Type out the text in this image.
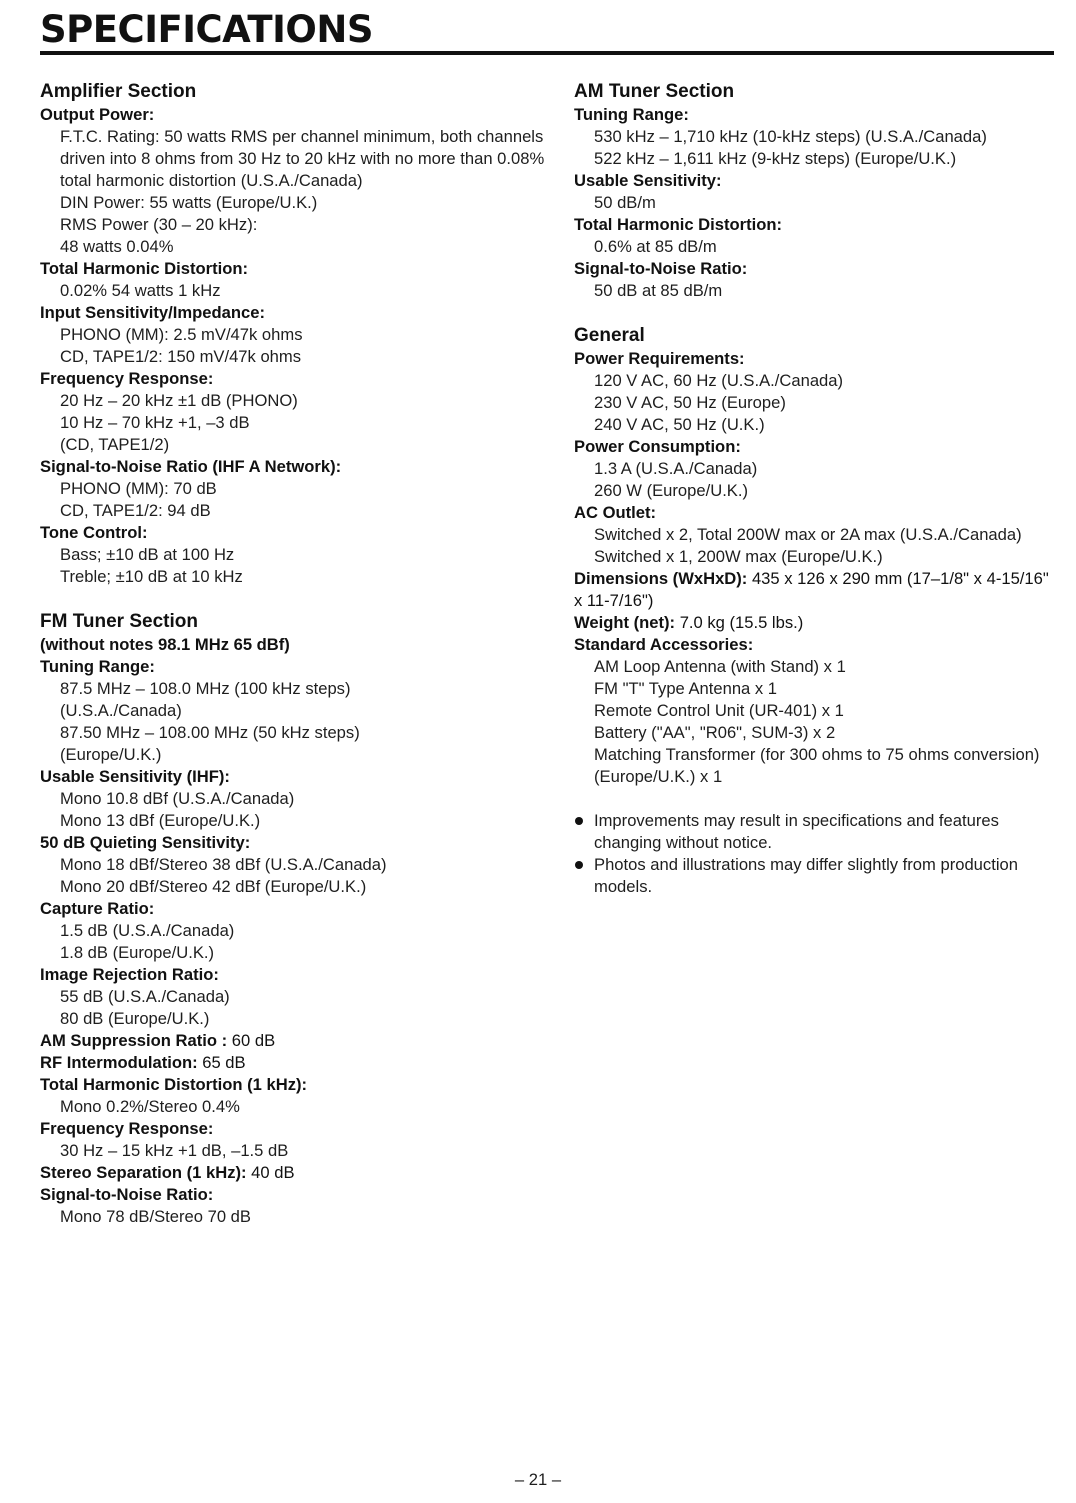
SPECIFICATIONS
Amplifier Section
Output Power:
F.T.C. Rating: 50 watts RMS per channel minimum, both channels driven into 8 ohms from 30 Hz to 20 kHz with no more than 0.08% total harmonic distortion (U.S.A./Canada)
DIN Power: 55 watts (Europe/U.K.)
RMS Power (30 – 20 kHz):
48 watts 0.04%
Total Harmonic Distortion:
0.02% 54 watts 1 kHz
Input Sensitivity/Impedance:
PHONO (MM): 2.5 mV/47k ohms
CD, TAPE1/2: 150 mV/47k ohms
Frequency Response:
20 Hz – 20 kHz ±1 dB (PHONO)
10 Hz – 70 kHz +1, –3 dB
(CD, TAPE1/2)
Signal-to-Noise Ratio (IHF A Network):
PHONO (MM): 70 dB
CD, TAPE1/2: 94 dB
Tone Control:
Bass; ±10 dB at 100 Hz
Treble; ±10 dB at 10 kHz
FM Tuner Section
(without notes 98.1 MHz 65 dBf)
Tuning Range:
87.5 MHz – 108.0 MHz (100 kHz steps)
(U.S.A./Canada)
87.50 MHz – 108.00 MHz (50 kHz steps)
(Europe/U.K.)
Usable Sensitivity (IHF):
Mono 10.8 dBf (U.S.A./Canada)
Mono 13 dBf (Europe/U.K.)
50 dB Quieting Sensitivity:
Mono 18 dBf/Stereo 38 dBf (U.S.A./Canada)
Mono 20 dBf/Stereo 42 dBf (Europe/U.K.)
Capture Ratio:
1.5 dB (U.S.A./Canada)
1.8 dB (Europe/U.K.)
Image Rejection Ratio:
55 dB (U.S.A./Canada)
80 dB (Europe/U.K.)
AM Suppression Ratio : 60 dB
RF Intermodulation: 65 dB
Total Harmonic Distortion (1 kHz):
Mono 0.2%/Stereo 0.4%
Frequency Response:
30 Hz – 15 kHz +1 dB, –1.5 dB
Stereo Separation (1 kHz): 40 dB
Signal-to-Noise Ratio:
Mono 78 dB/Stereo 70 dB
AM Tuner Section
Tuning Range:
530 kHz – 1,710 kHz (10-kHz steps) (U.S.A./Canada)
522 kHz – 1,611 kHz (9-kHz steps) (Europe/U.K.)
Usable Sensitivity:
50 dB/m
Total Harmonic Distortion:
0.6% at 85 dB/m
Signal-to-Noise Ratio:
50 dB at 85 dB/m
General
Power Requirements:
120 V AC, 60 Hz (U.S.A./Canada)
230 V AC, 50 Hz (Europe)
240 V AC, 50 Hz (U.K.)
Power Consumption:
1.3 A (U.S.A./Canada)
260 W (Europe/U.K.)
AC Outlet:
Switched x 2, Total 200W max or 2A max (U.S.A./Canada)
Switched x 1, 200W max (Europe/U.K.)
Dimensions (WxHxD): 435 x 126 x 290 mm (17–1/8" x 4-15/16" x 11-7/16")
Weight (net): 7.0 kg (15.5 lbs.)
Standard Accessories:
AM Loop Antenna (with Stand) x 1
FM "T" Type Antenna x 1
Remote Control Unit (UR-401) x 1
Battery ("AA", "R06", SUM-3) x 2
Matching Transformer (for 300 ohms to 75 ohms conversion)(Europe/U.K.) x 1
Improvements may result in specifications and features changing without notice.
Photos and illustrations may differ slightly from production models.
– 21 –
